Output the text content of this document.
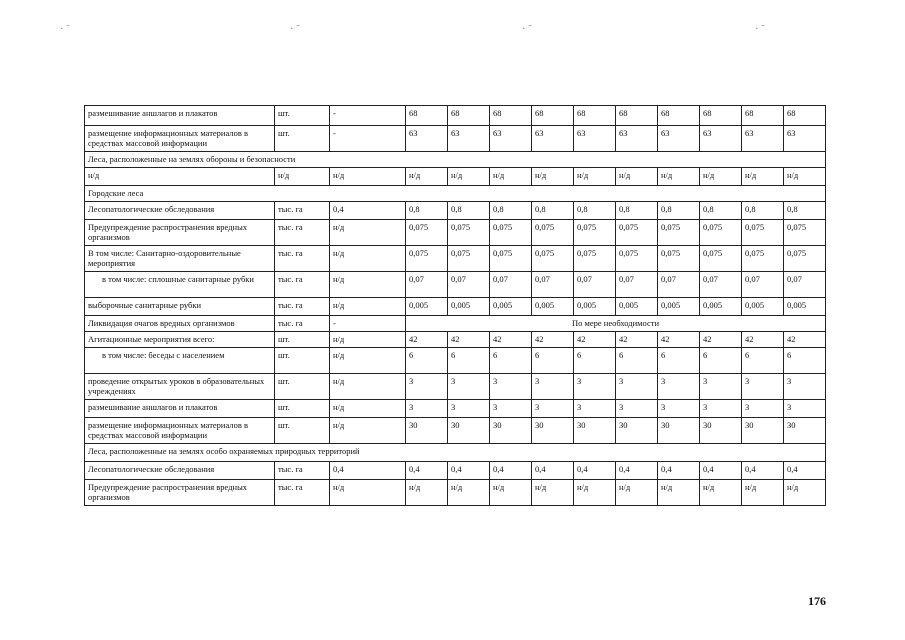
·˜	·˜	·˜	·˜
размешивание аншлагов и плакатов	шт.	-	68	68	68	68	68	68	68	68	68	68
размещение информационных материалов в средствах массовой информации	шт.	-	63	63	63	63	63	63	63	63	63	63
Леса, расположенные на землях обороны и безопасности												
н/д	н/д	н/д	н/д	н/д	н/д	н/д	н/д	н/д	н/д	н/д	н/д	н/д
Городские леса												
Лесопатологические обследования	тыс. га	0,4	0,8	0,8	0,8	0,8	0,8	0,8	0,8	0,8	0,8	0,8
Предупреждение распространения вредных организмов	тыс. га	н/д	0,075	0,075	0,075	0,075	0,075	0,075	0,075	0,075	0,075	0,075
В том числе: Санитарно-оздоровительные мероприятия	тыс. га	н/д	0,075	0,075	0,075	0,075	0,075	0,075	0,075	0,075	0,075	0,075

в том числе: сплошные санитарные рубки	тыс. га	н/д	0,07	0,07	0,07	0,07	0,07	0,07	0,07	0,07	0,07	0,07
выборочные санитарные рубки	тыс. га	н/д	0,005	0,005	0,005	0,005	0,005	0,005	0,005	0,005	0,005	0,005
Ликвидация очагов вредных организмов	тыс. га	-	По мере необходимости									
Агитационные мероприятия всего:	шт.	н/д	42	42	42	42	42	42	42	42	42	42

в том числе: беседы с населением	шт.	н/д	6	6	6	6	6	6	6	6	6	6
проведение открытых уроков в образовательных учреждениях	шт.	н/д	3	3	3	3	3	3	3	3	3	3
размешивание аншлагов и плакатов	шт.	н/д	3	3	3	3	3	3	3	3	3	3
размещение информационных материалов в средствах массовой информации	шт.	н/д	30	30	30	30	30	30	30	30	30	30
Леса, расположенные на землях особо охраняемых природных территорий												
Лесопатологические обследования	тыс. га	0,4	0,4	0,4	0,4	0,4	0,4	0,4	0,4	0,4	0,4	0,4
Предупреждение распространения вредных организмов	тыс. га	н/д	н/д	н/д	н/д	н/д	н/д	н/д	н/д	н/д	н/д	н/д
176
